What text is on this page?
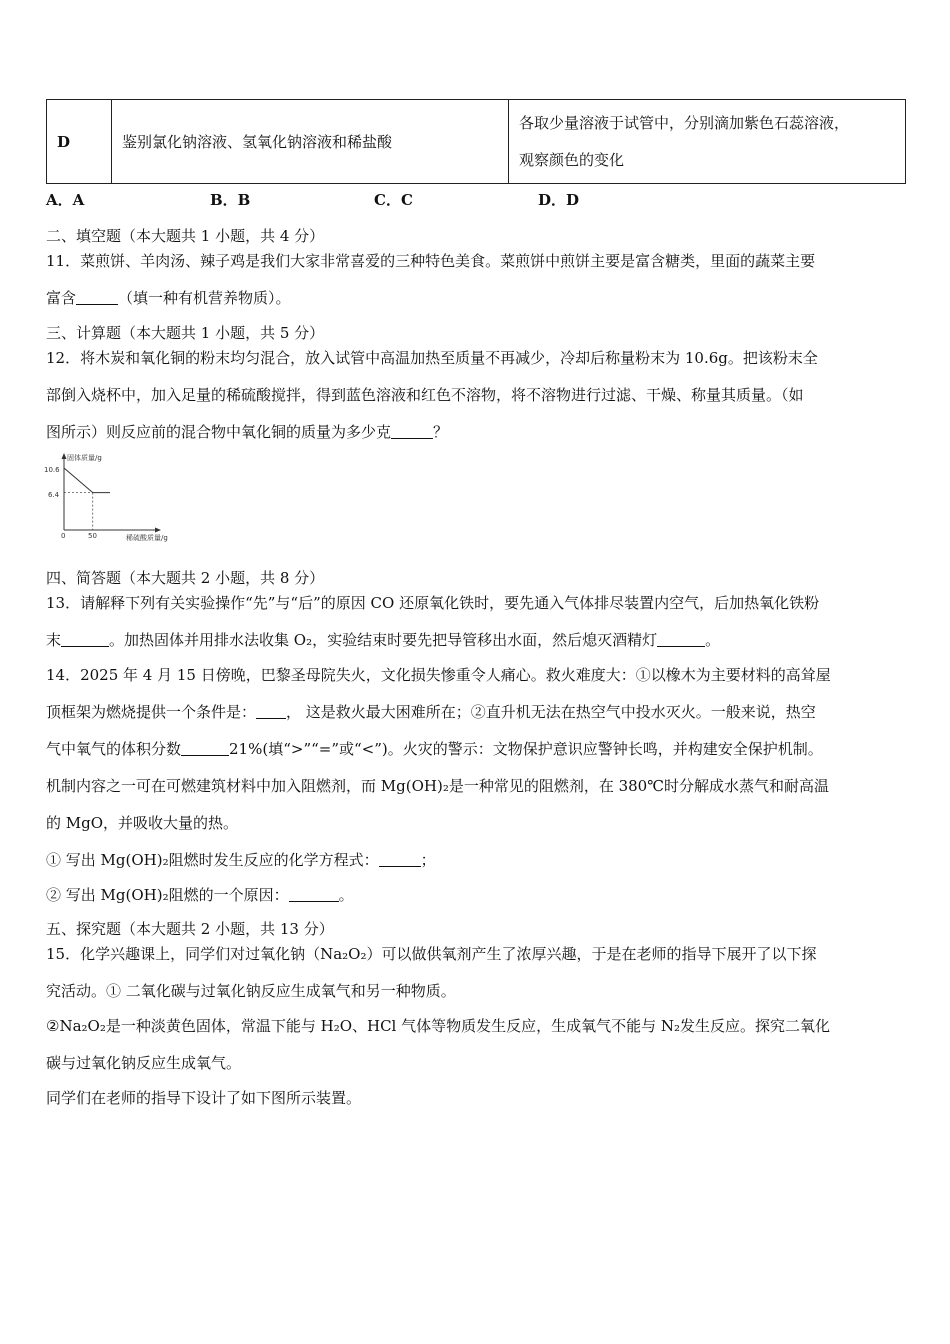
D	鉴别氯化钠溶液、氢氧化钠溶液和稀盐酸	
各取少量溶液于试管中，分别滴加紫色石蕊溶液，
观察颜色的变化
A．A	B．B	C．C	D．D
二、填空题（本大题共 1 小题，共 4 分）
11．菜煎饼、羊肉汤、辣子鸡是我们大家非常喜爱的三种特色美食。菜煎饼中煎饼主要是富含糖类，里面的蔬菜主要
富含	（填一种有机营养物质）。
三、计算题（本大题共 1 小题，共 5 分）
12．将木炭和氧化铜的粉末均匀混合，放入试管中高温加热至质量不再减少，冷却后称量粉末为 10.6g。把该粉末全
部倒入烧杯中，加入足量的稀硫酸搅拌，得到蓝色溶液和红色不溶物，将不溶物进行过滤、干燥、称量其质量。（如
图所示）则反应前的混合物中氧化铜的质量为多少克	？
固体质量/g
稀硫酸质量/g
10.6
6.4
0	50
四、简答题（本大题共 2 小题，共 8 分）
13．请解释下列有关实验操作“先”与“后”的原因 CO 还原氧化铁时，要先通入气体排尽装置内空气，后加热氧化铁粉
末	。加热固体并用排水法收集 O₂，实验结束时要先把导管移出水面，然后熄灭酒精灯	。
14．2025 年 4 月 15 日傍晚，巴黎圣母院失火，文化损失惨重令人痛心。救火难度大：①以橡木为主要材料的高耸屋
顶框架为燃烧提供一个条件是： ， 这是救火最大困难所在；②直升机无法在热空气中投水灭火。一般来说，热空
气中氧气的体积分数	21%(填“>”“=”或“<”)。火灾的警示：文物保护意识应警钟长鸣，并构建安全保护机制。
机制内容之一可在可燃建筑材料中加入阻燃剂，而 Mg(OH)₂是一种常见的阻燃剂，在 380℃时分解成水蒸气和耐高温
的 MgO，并吸收大量的热。
① 写出 Mg(OH)₂阻燃时发生反应的化学方程式：	；
② 写出 Mg(OH)₂阻燃的一个原因：	。
五、探究题（本大题共 2 小题，共 13 分）
15．化学兴趣课上，同学们对过氧化钠（Na₂O₂）可以做供氧剂产生了浓厚兴趣，于是在老师的指导下展开了以下探
究活动。① 二氧化碳与过氧化钠反应生成氧气和另一种物质。
②Na₂O₂是一种淡黄色固体，常温下能与 H₂O、HCl 气体等物质发生反应，生成氧气不能与 N₂发生反应。探究二氧化
碳与过氧化钠反应生成氧气。
同学们在老师的指导下设计了如下图所示装置。
